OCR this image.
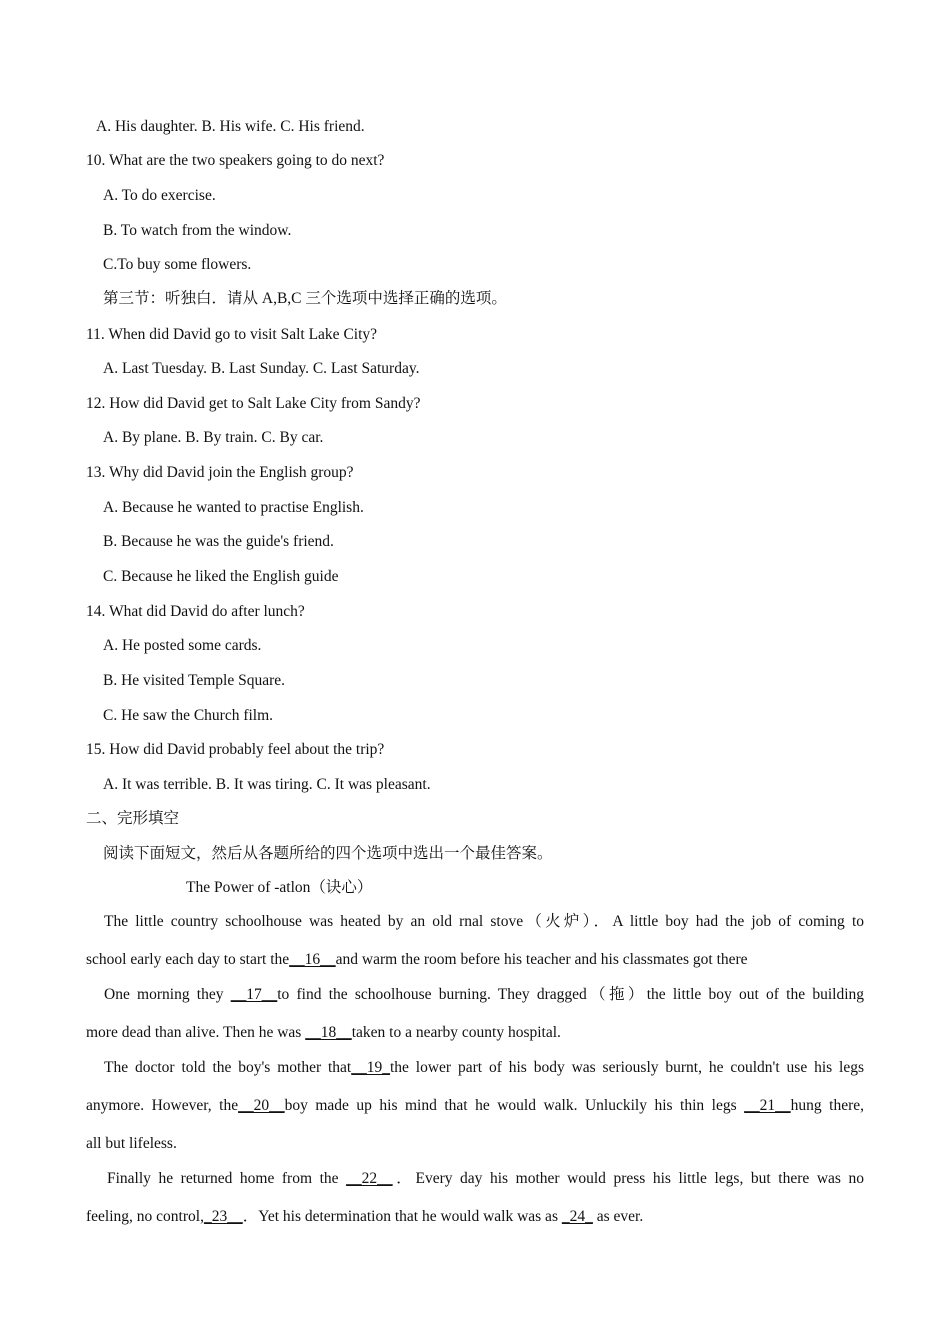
A. His daughter. B. His wife. C. His friend.
10. What are the two speakers going to do next?
A. To do exercise.
B. To watch from the window.
C.To buy some flowers.
第三节：听独白．请从 A,B,C 三个选项中选择正确的选项。
11. When did David go to visit Salt Lake City?
A. Last Tuesday. B. Last Sunday. C. Last Saturday.
12. How did David get to Salt Lake City from Sandy?
A. By plane. B. By train. C. By car.
13. Why did David join the English group?
A. Because he wanted to practise English.
B. Because he was the guide's friend.
C. Because he liked the English guide
14. What did David do after lunch?
A. He posted some cards.
B. He visited Temple Square.
C. He saw the Church film.
15. How did David probably feel about the trip?
A. It was terrible. B. It was tiring. C. It was pleasant.
二、完形填空
阅读下面短文，然后从各题所给的四个选项中选出一个最佳答案。
The Power of -atlon（诀心）
The little country schoolhouse was heated by an old rnal stove（火炉）．A little boy had the job of coming to
school early each day to start the__16__and warm the room before his teacher and his classmates got there
One morning they __17__to find the schoolhouse burning. They dragged（拖）the little boy out of the building
more dead than alive. Then he was __18__taken to a nearby county hospital.
The doctor told the boy's mother that__19_the lower part of his body was seriously burnt, he couldn't use his legs
anymore. However, the__20__boy made up his mind that he would walk. Unluckily his thin legs __21__hung there,
all but lifeless.
Finally he returned home from the __22__．Every day his mother would press his little legs, but there was no
feeling, no control,_23__．Yet his determination that he would walk was as _24_ as ever.
